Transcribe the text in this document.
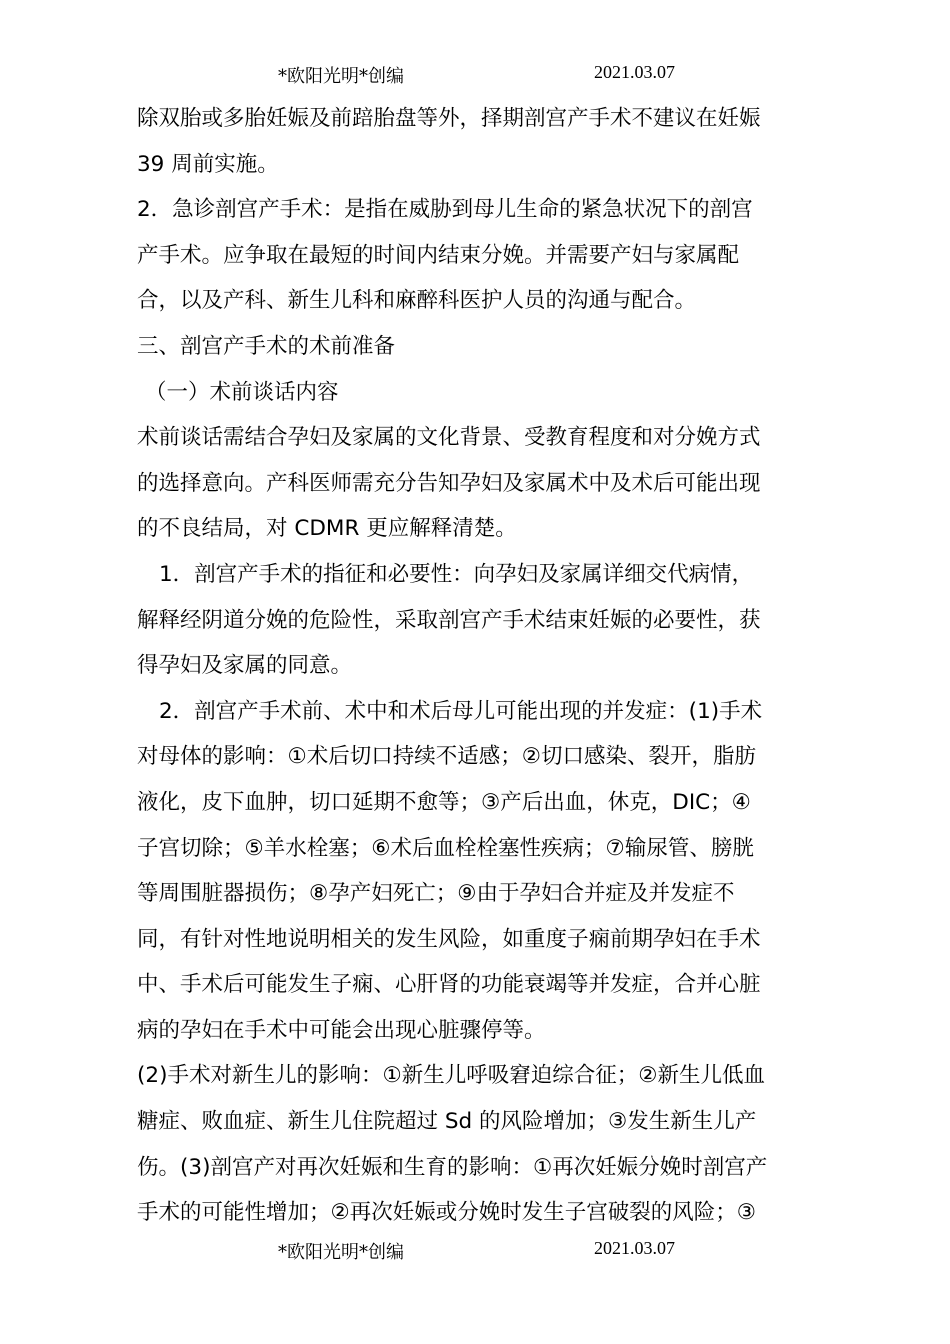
*欧阳光明*创编	2021.03.07
除双胎或多胎妊娠及前踣胎盘等外，择期剖宫产手术不建议在妊娠
39 周前实施。
2．急诊剖宫产手术：是指在威胁到母儿生命的紧急状况下的剖宫
产手术。应争取在最短的时间内结束分娩。并需要产妇与家属配
合，以及产科、新生儿科和麻醉科医护人员的沟通与配合。
三、剖宫产手术的术前准备
（一）术前谈话内容
术前谈话需结合孕妇及家属的文化背景、受教育程度和对分娩方式
的选择意向。产科医师需充分告知孕妇及家属术中及术后可能出现
的不良结局，对 CDMR 更应解释清楚。
1．剖宫产手术的指征和必要性：向孕妇及家属详细交代病情，
解释经阴道分娩的危险性，采取剖宫产手术结束妊娠的必要性，获
得孕妇及家属的同意。
2．剖宫产手术前、术中和术后母儿可能出现的并发症：(1)手术
对母体的影响：①术后切口持续不适感；②切口感染、裂开，脂肪
液化，皮下血肿，切口延期不愈等；③产后出血，休克，DIC；④
子宫切除；⑤羊水栓塞；⑥术后血栓栓塞性疾病；⑦输尿管、膀胱
等周围脏器损伤；⑧孕产妇死亡；⑨由于孕妇合并症及并发症不
同，有针对性地说明相关的发生风险，如重度子痫前期孕妇在手术
中、手术后可能发生子痫、心肝肾的功能衰竭等并发症，合并心脏
病的孕妇在手术中可能会出现心脏骤停等。
(2)手术对新生儿的影响：①新生儿呼吸窘迫综合征；②新生儿低血
糖症、败血症、新生儿住院超过 Sd 的风险增加；③发生新生儿产
伤。(3)剖宫产对再次妊娠和生育的影响：①再次妊娠分娩时剖宫产
手术的可能性增加；②再次妊娠或分娩时发生子宫破裂的风险；③
*欧阳光明*创编	2021.03.07
